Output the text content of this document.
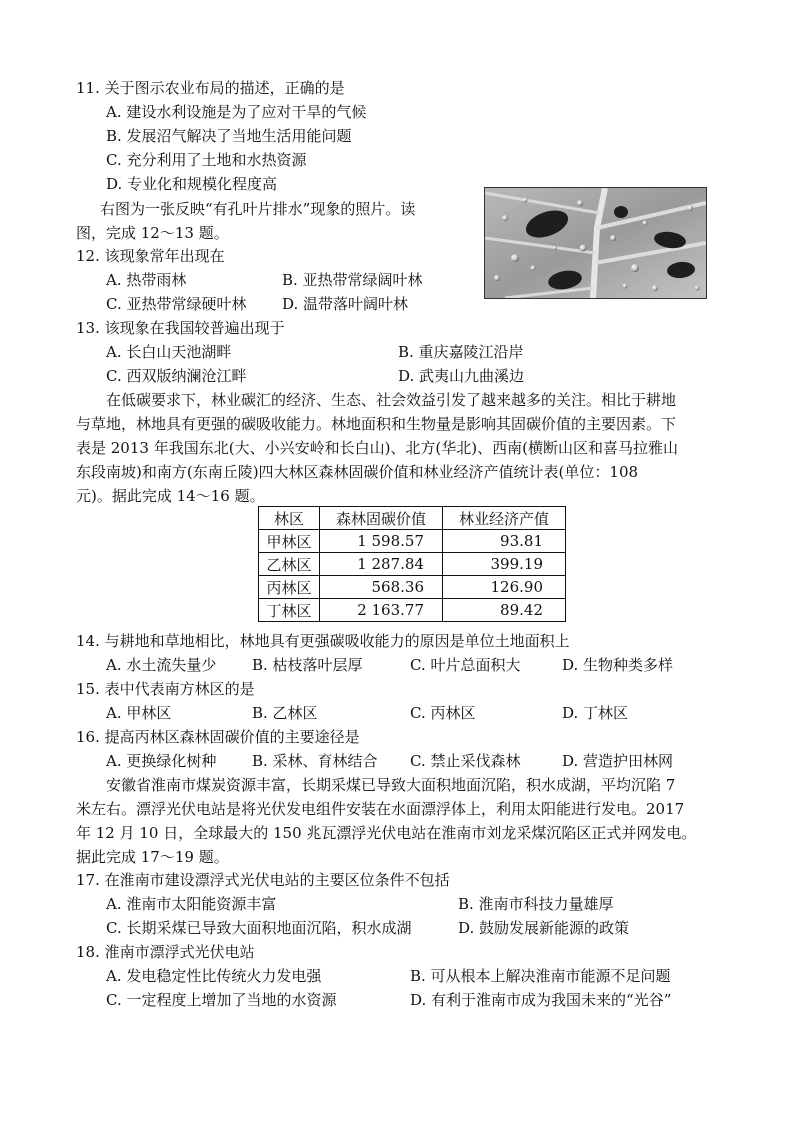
11. 关于图示农业布局的描述，正确的是
A. 建设水利设施是为了应对干旱的气候
B. 发展沼气解决了当地生活用能问题
C. 充分利用了土地和水热资源
D. 专业化和规模化程度高
右图为一张反映“有孔叶片排水”现象的照片。读
图，完成 12～13 题。
12. 该现象常年出现在
A. 热带雨林	B. 亚热带常绿阔叶林
C. 亚热带常绿硬叶林 D. 温带落叶阔叶林
13. 该现象在我国较普遍出现于
A. 长白山天池湖畔	B. 重庆嘉陵江沿岸
C. 西双版纳澜沧江畔	D. 武夷山九曲溪边
在低碳要求下，林业碳汇的经济、生态、社会效益引发了越来越多的关注。相比于耕地
与草地，林地具有更强的碳吸收能力。林地面积和生物量是影响其固碳价值的主要因素。下
表是 2013 年我国东北(大、小兴安岭和长白山)、北方(华北)、西南(横断山区和喜马拉雅山
东段南坡)和南方(东南丘陵)四大林区森林固碳价值和林业经济产值统计表(单位：108
元)。据此完成 14～16 题。
林区	森林固碳价值	林业经济产值
甲林区	1 598.57	93.81
乙林区	1 287.84	399.19
丙林区	568.36	126.90
丁林区	2 163.77	89.42
14. 与耕地和草地相比，林地具有更强碳吸收能力的原因是单位土地面积上
A. 水土流失量少 B. 枯枝落叶层厚	C. 叶片总面积大	D. 生物种类多样
15. 表中代表南方林区的是
A. 甲林区	B. 乙林区	C. 丙林区	D. 丁林区
16. 提高丙林区森林固碳价值的主要途径是
A. 更换绿化树种 B. 采林、育林结合 C. 禁止采伐森林	D. 营造护田林网
安徽省淮南市煤炭资源丰富，长期采煤已导致大面积地面沉陷，积水成湖，平均沉陷 7
米左右。漂浮光伏电站是将光伏发电组件安装在水面漂浮体上，利用太阳能进行发电。2017
年 12 月 10 日，全球最大的 150 兆瓦漂浮光伏电站在淮南市刘龙采煤沉陷区正式并网发电。
据此完成 17～19 题。
17. 在淮南市建设漂浮式光伏电站的主要区位条件不包括
A. 淮南市太阳能资源丰富	B. 淮南市科技力量雄厚
C. 长期采煤已导致大面积地面沉陷，积水成湖	D. 鼓励发展新能源的政策
18. 淮南市漂浮式光伏电站
A. 发电稳定性比传统火力发电强	B. 可从根本上解决淮南市能源不足问题
C. 一定程度上增加了当地的水资源	D. 有利于淮南市成为我国未来的“光谷”
